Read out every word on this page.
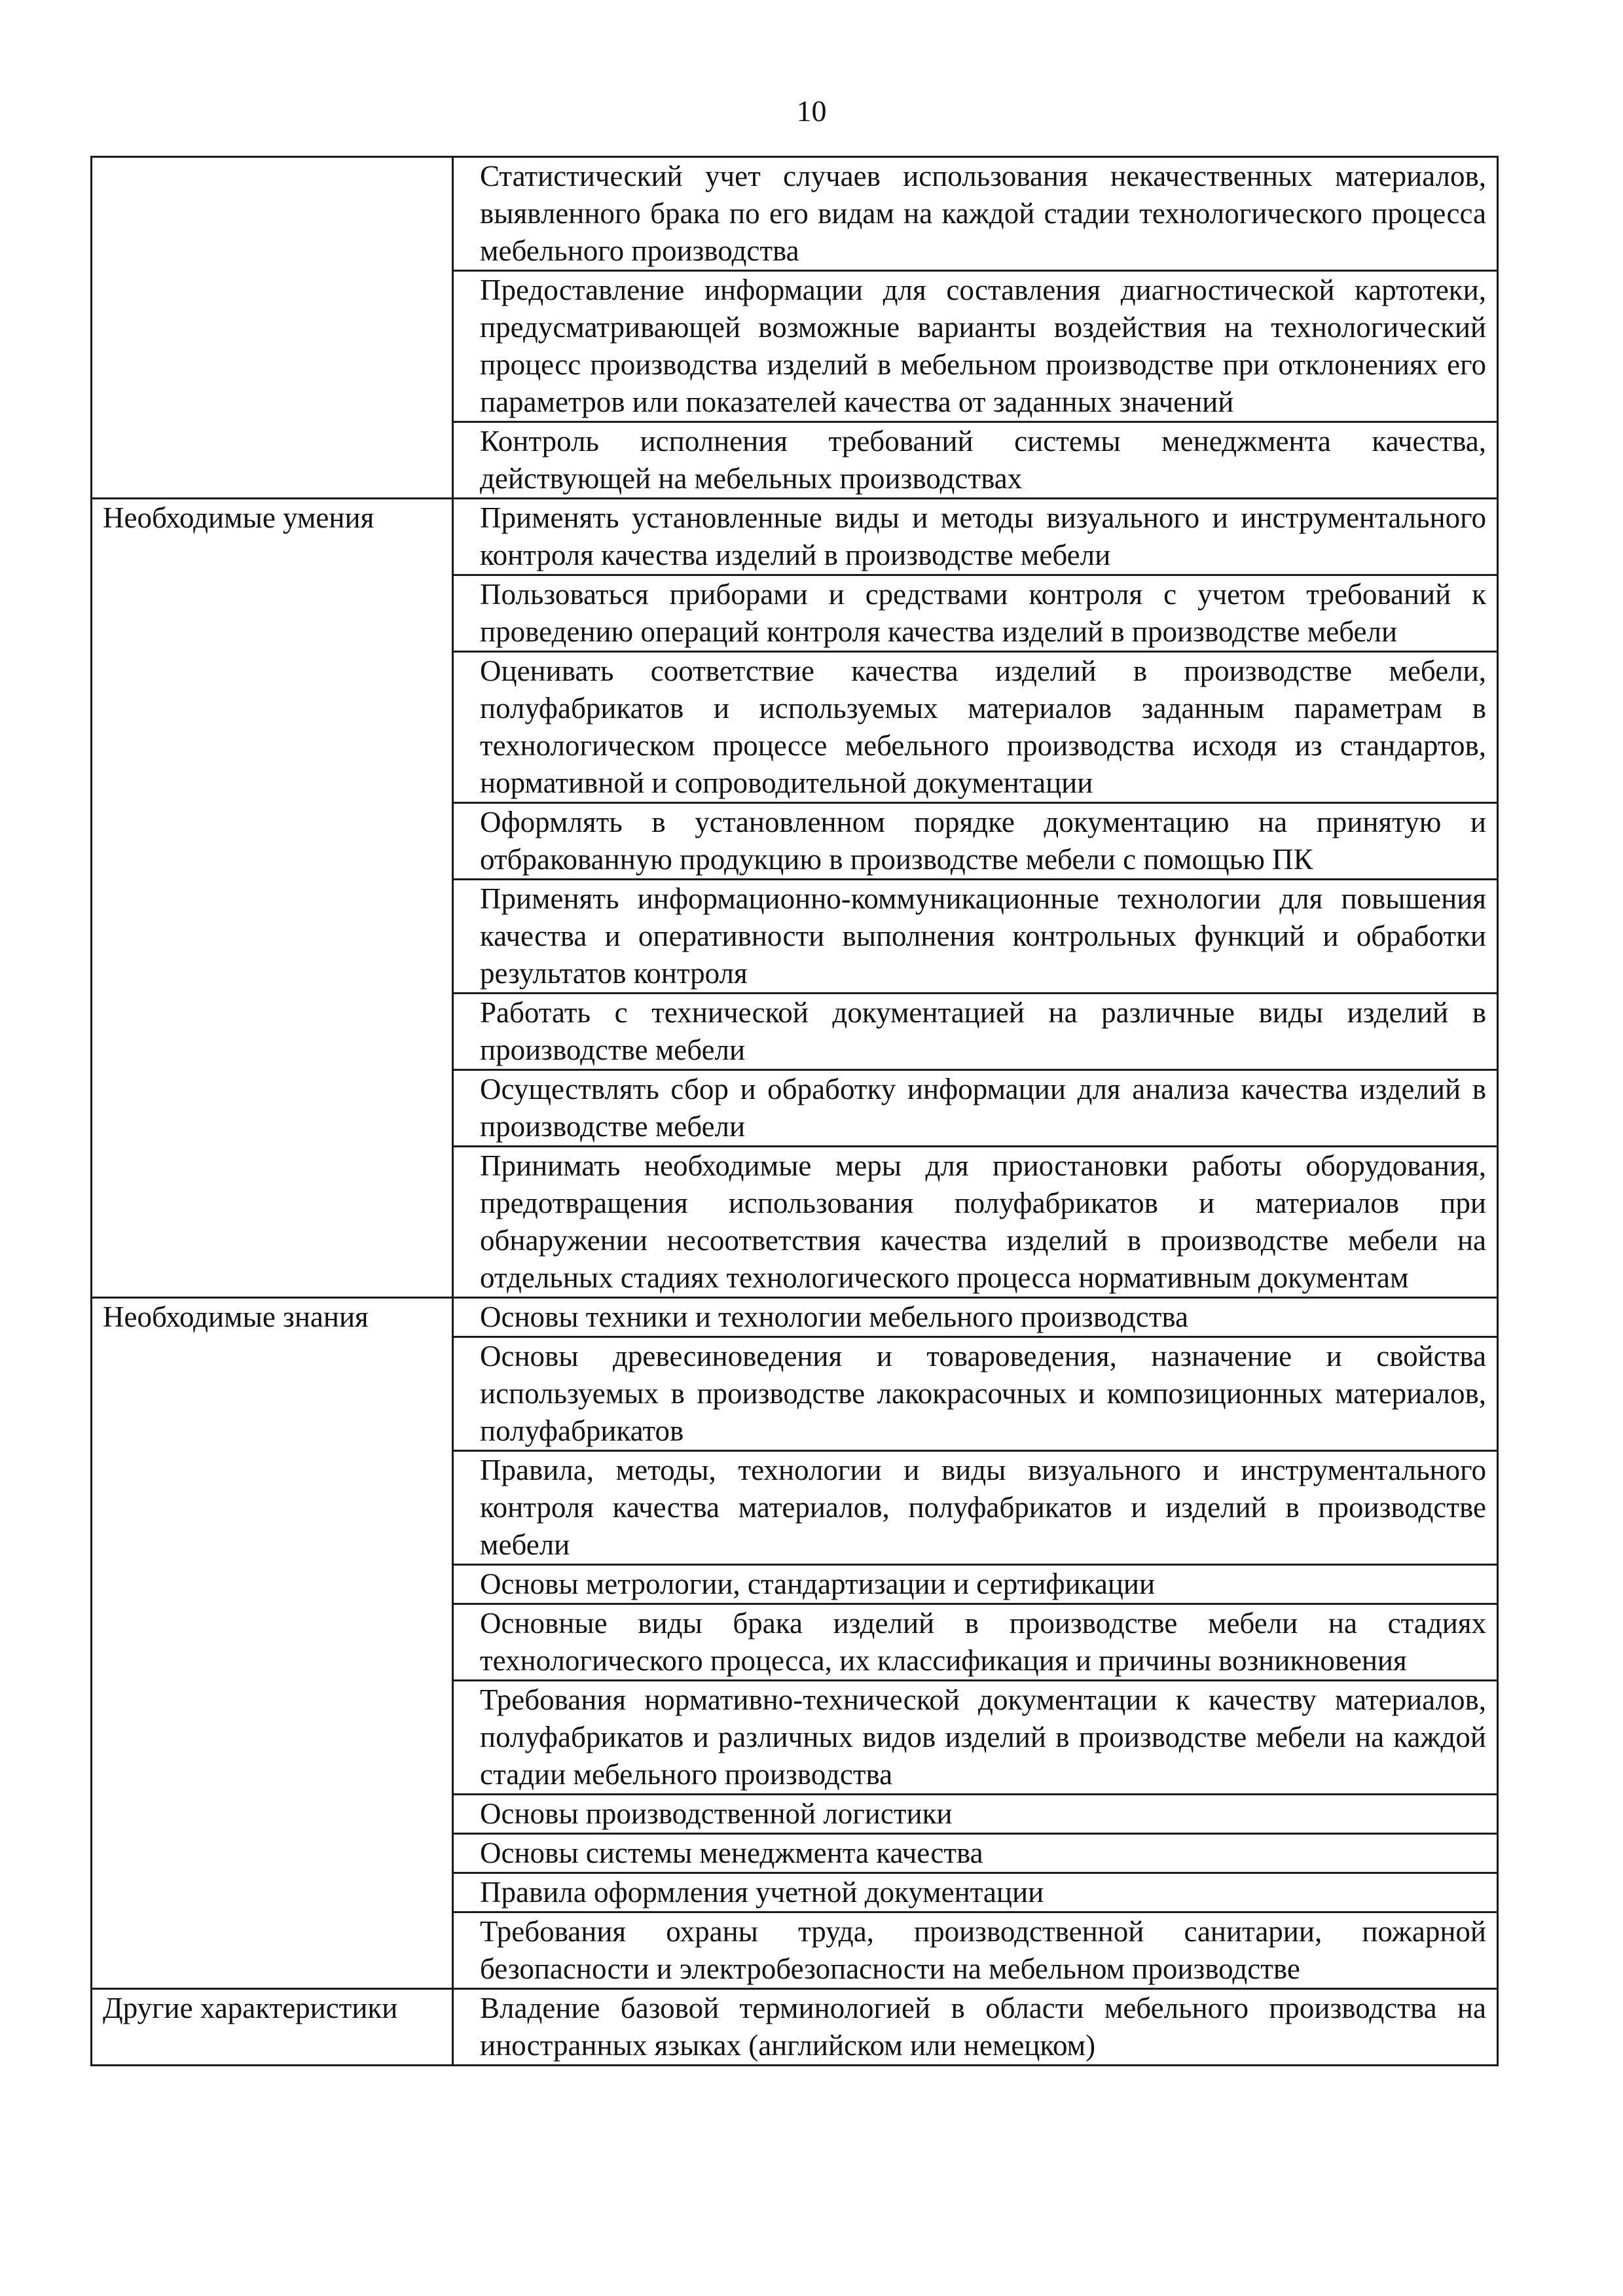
10
	Статистический учет случаев использования некачественных материалов, выявленного брака по его видам на каждой стадии технологического процесса мебельного производства
	Предоставление информации для составления диагностической картотеки, предусматривающей возможные варианты воздействия на технологический процесс производства изделий в мебельном производстве при отклонениях его параметров или показателей качества от заданных значений
	Контроль исполнения требований системы менеджмента качества, действующей на мебельных производствах
Необходимые умения	Применять установленные виды и методы визуального и инструментального контроля качества изделий в производстве мебели
	Пользоваться приборами и средствами контроля с учетом требований к проведению операций контроля качества изделий в производстве мебели
	Оценивать соответствие качества изделий в производстве мебели, полуфабрикатов и используемых материалов заданным параметрам в технологическом процессе мебельного производства исходя из стандартов, нормативной и сопроводительной документации
	Оформлять в установленном порядке документацию на принятую и отбракованную продукцию в производстве мебели с помощью ПК
	Применять информационно-коммуникационные технологии для повышения качества и оперативности выполнения контрольных функций и обработки результатов контроля
	Работать с технической документацией на различные виды изделий в производстве мебели
	Осуществлять сбор и обработку информации для анализа качества изделий в производстве мебели
	Принимать необходимые меры для приостановки работы оборудования, предотвращения использования полуфабрикатов и материалов при обнаружении несоответствия качества изделий в производстве мебели на отдельных стадиях технологического процесса нормативным документам
Необходимые знания	Основы техники и технологии мебельного производства
	Основы древесиноведения и товароведения, назначение и свойства используемых в производстве лакокрасочных и композиционных материалов, полуфабрикатов
	Правила, методы, технологии и виды визуального и инструментального контроля качества материалов, полуфабрикатов и изделий в производстве мебели
	Основы метрологии, стандартизации и сертификации
	Основные виды брака изделий в производстве мебели на стадиях технологического процесса, их классификация и причины возникновения
	Требования нормативно-технической документации к качеству материалов, полуфабрикатов и различных видов изделий в производстве мебели на каждой стадии мебельного производства
	Основы производственной логистики
	Основы системы менеджмента качества
	Правила оформления учетной документации
	Требования охраны труда, производственной санитарии, пожарной безопасности и электробезопасности на мебельном производстве
Другие характеристики	Владение базовой терминологией в области мебельного производства на иностранных языках (английском или немецком)
